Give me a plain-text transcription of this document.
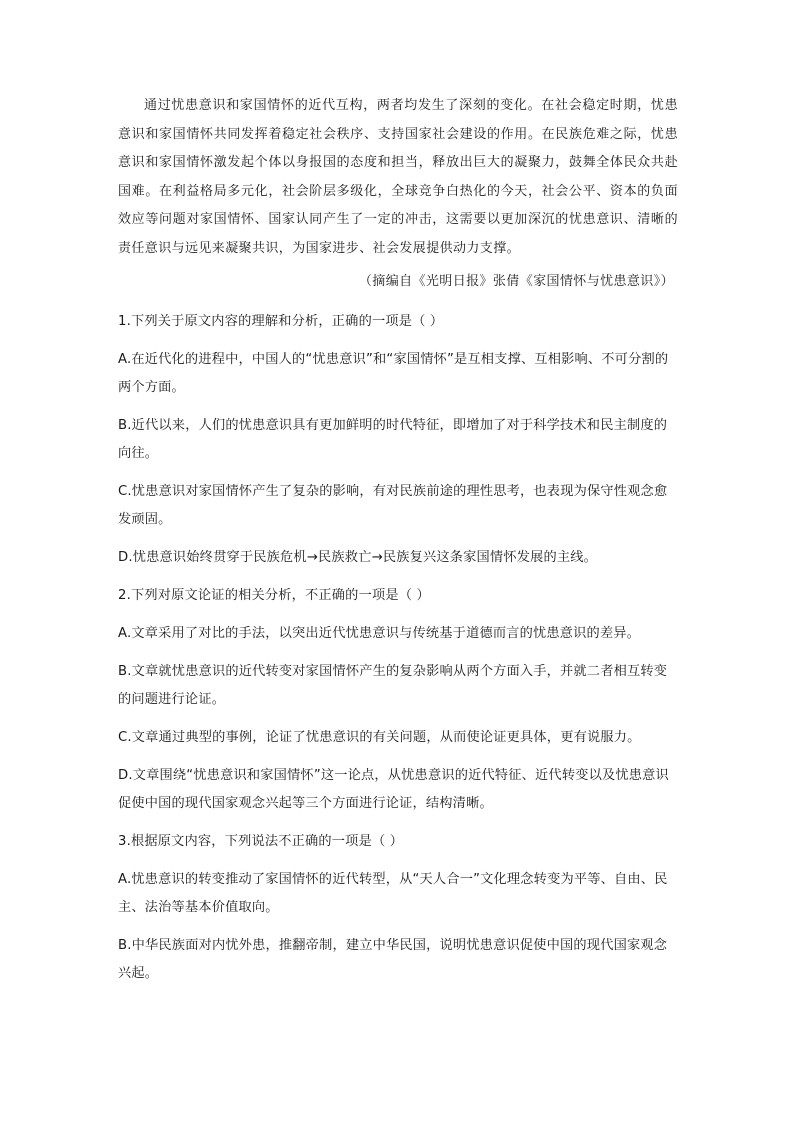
通过忧患意识和家国情怀的近代互构，两者均发生了深刻的变化。在社会稳定时期，忧患意识和家国情怀共同发挥着稳定社会秩序、支持国家社会建设的作用。在民族危难之际，忧患意识和家国情怀激发起个体以身报国的态度和担当，释放出巨大的凝聚力，鼓舞全体民众共赴国难。在利益格局多元化，社会阶层多级化，全球竞争白热化的今天，社会公平、资本的负面效应等问题对家国情怀、国家认同产生了一定的冲击，这需要以更加深沉的忧患意识、清晰的责任意识与远见来凝聚共识，为国家进步、社会发展提供动力支撑。

（摘编自《光明日报》张倩《家国情怀与忧患意识》）

1.下列关于原文内容的理解和分析，正确的一项是（ ）

A.在近代化的进程中，中国人的“忧患意识”和“家国情怀”是互相支撑、互相影响、不可分割的两个方面。

B.近代以来，人们的忧患意识具有更加鲜明的时代特征，即增加了对于科学技术和民主制度的向往。

C.忧患意识对家国情怀产生了复杂的影响，有对民族前途的理性思考，也表现为保守性观念愈发顽固。

D.忧患意识始终贯穿于民族危机→民族救亡→民族复兴这条家国情怀发展的主线。

2.下列对原文论证的相关分析，不正确的一项是（ ）

A.文章采用了对比的手法，以突出近代忧患意识与传统基于道德而言的忧患意识的差异。

B.文章就忧患意识的近代转变对家国情怀产生的复杂影响从两个方面入手，并就二者相互转变的问题进行论证。

C.文章通过典型的事例，论证了忧患意识的有关问题，从而使论证更具体，更有说服力。

D.文章围绕“忧患意识和家国情怀”这一论点，从忧患意识的近代特征、近代转变以及忧患意识促使中国的现代国家观念兴起等三个方面进行论证，结构清晰。

3.根据原文内容，下列说法不正确的一项是（ ）

A.忧患意识的转变推动了家国情怀的近代转型，从“天人合一”文化理念转变为平等、自由、民主、法治等基本价值取向。

B.中华民族面对内忧外患，推翻帝制，建立中华民国，说明忧患意识促使中国的现代国家观念兴起。
